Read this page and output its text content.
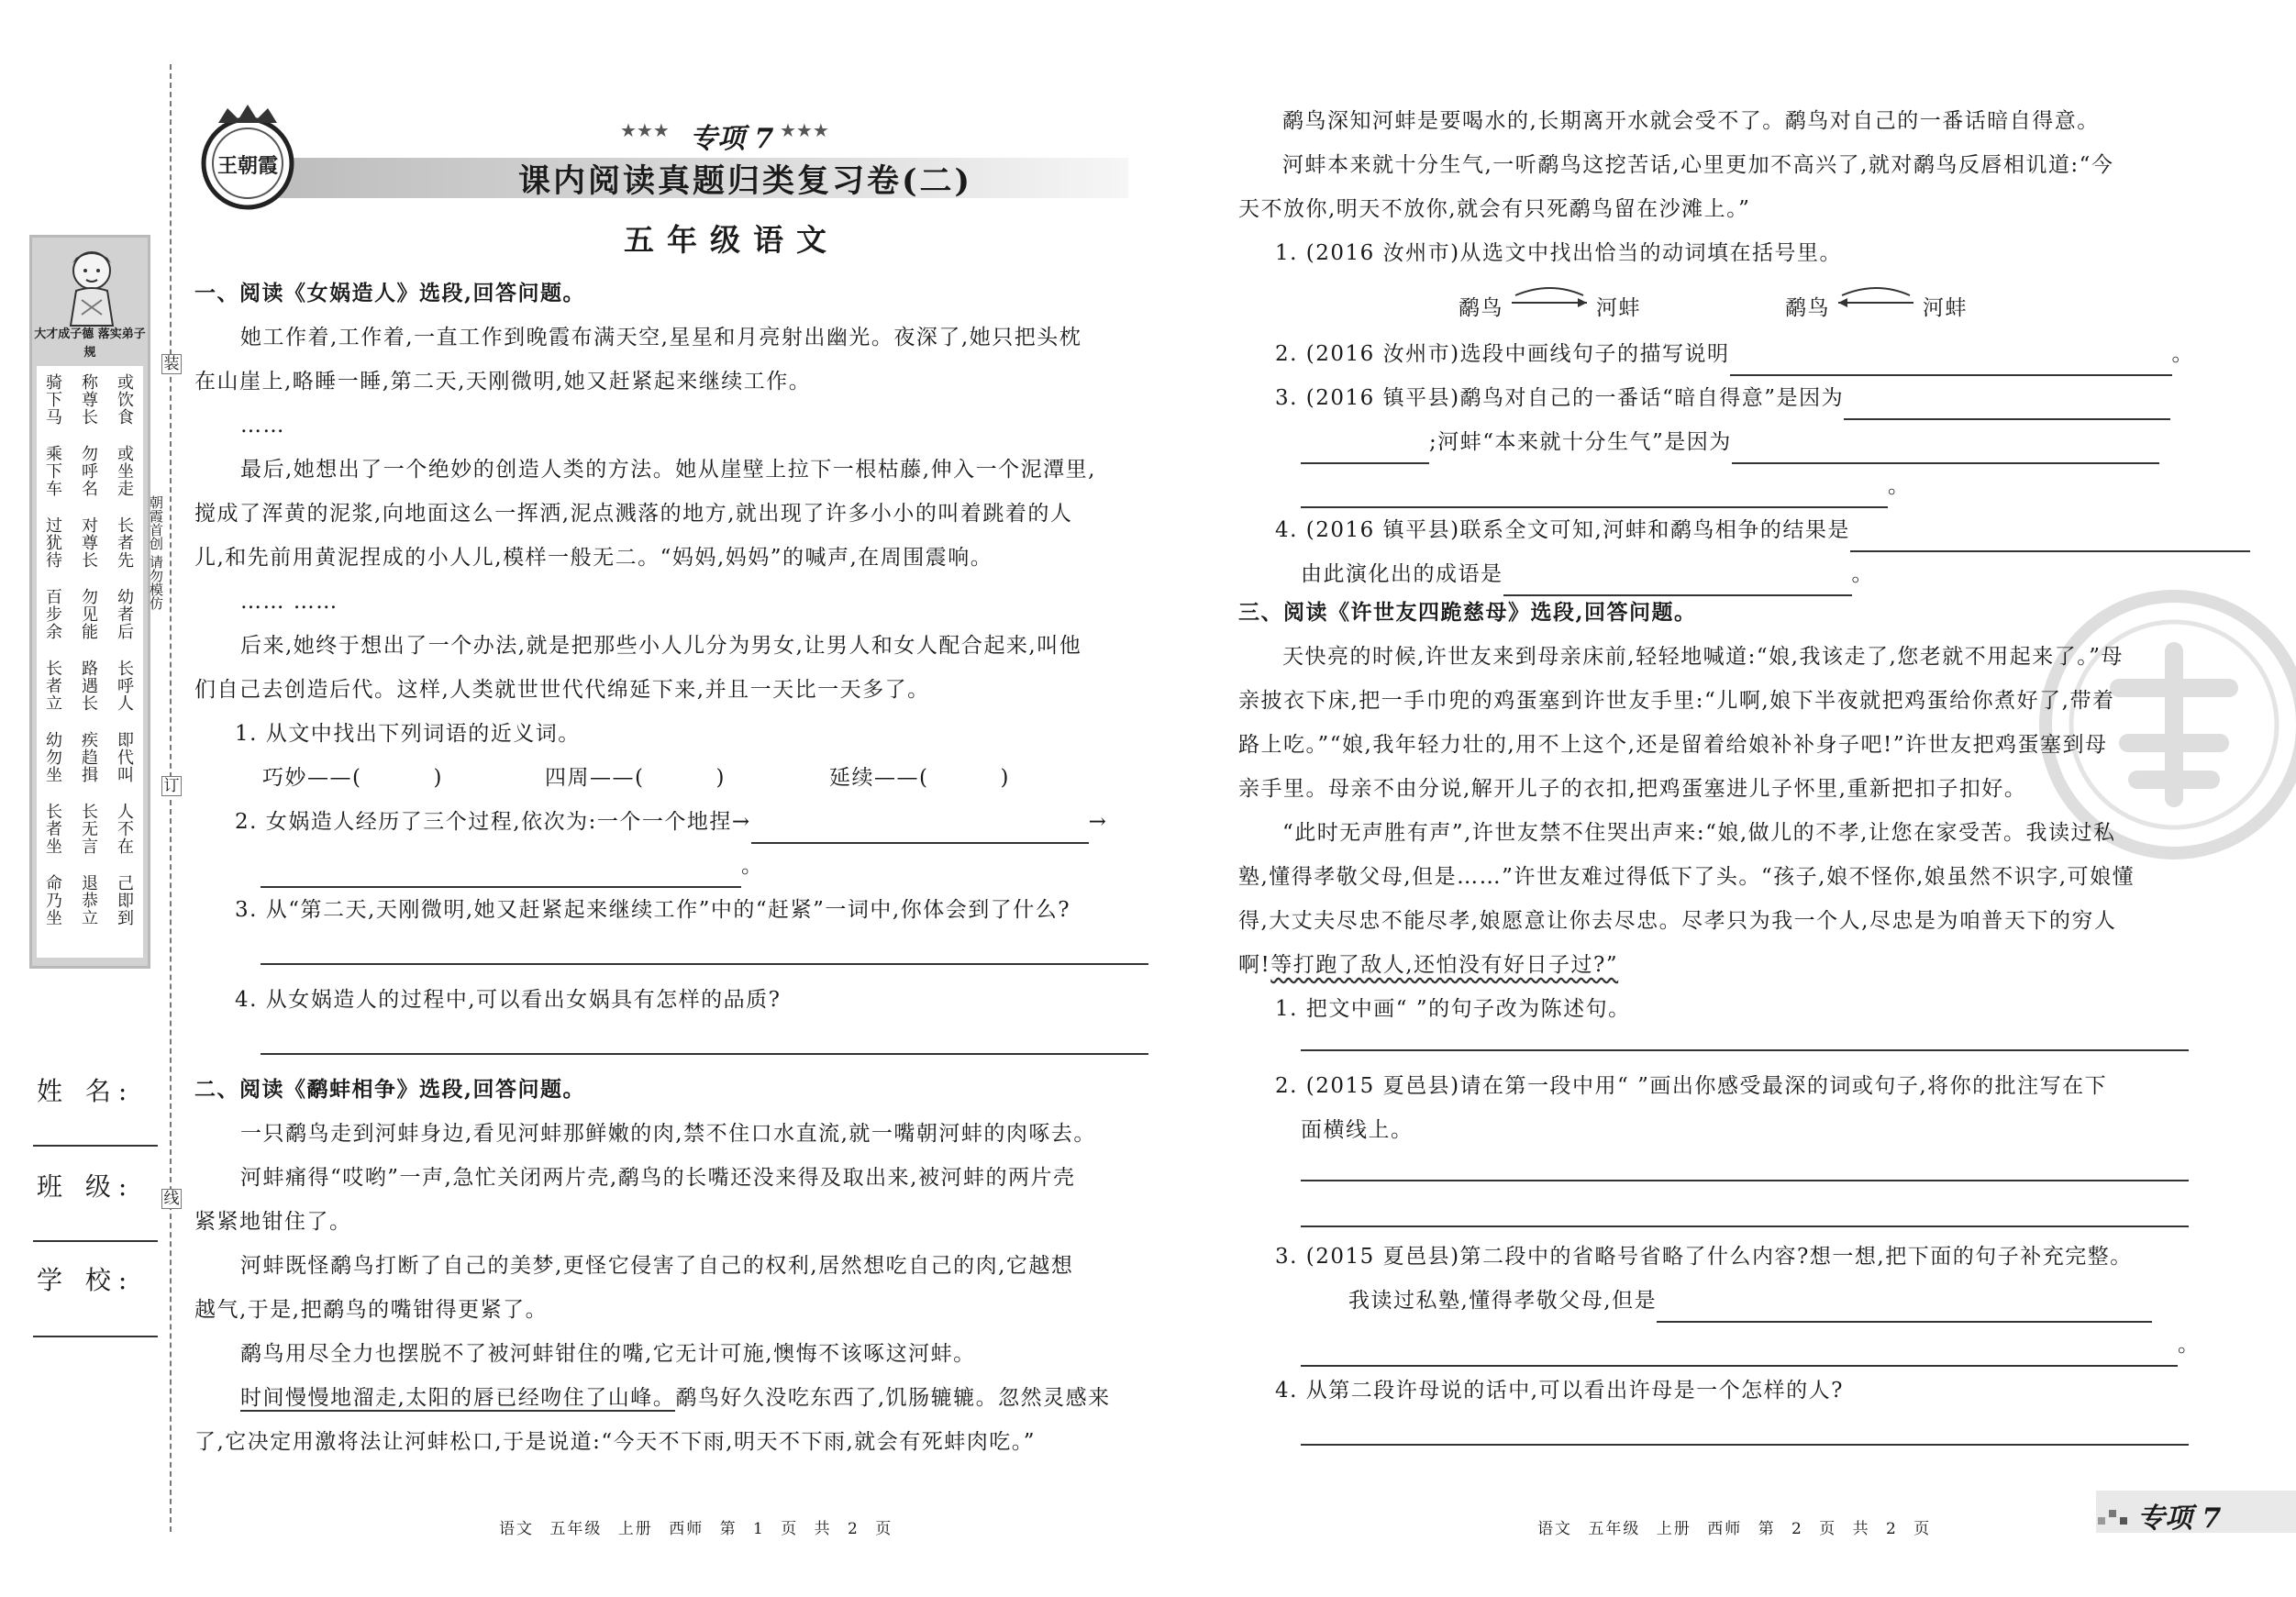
大才成子德 落实弟子规
骑下马 称尊长 或饮食
乘下车 勿呼名 或坐走
过犹待 对尊长 长者先
百步余 勿见能 幼者后
长者立 路遇长 长呼人
幼勿坐 疾趋揖 即代叫
长者坐 长无言 人不在
命乃坐 退恭立 己即到
姓 名:
班 级:
学 校:
装
订
线
朝霞首创 请勿模仿
王朝霞
★★★	★★★
专项 7
课内阅读真题归类复习卷(二)
五年级语文
一、阅读《女娲造人》选段,回答问题。
她工作着,工作着,一直工作到晚霞布满天空,星星和月亮射出幽光。夜深了,她只把头枕
在山崖上,略睡一睡,第二天,天刚微明,她又赶紧起来继续工作。
……
最后,她想出了一个绝妙的创造人类的方法。她从崖壁上拉下一根枯藤,伸入一个泥潭里,
搅成了浑黄的泥浆,向地面这么一挥洒,泥点溅落的地方,就出现了许多小小的叫着跳着的人
儿,和先前用黄泥捏成的小人儿,模样一般无二。“妈妈,妈妈”的喊声,在周围震响。
…… ……
后来,她终于想出了一个办法,就是把那些小人儿分为男女,让男人和女人配合起来,叫他
们自己去创造后代。这样,人类就世世代代绵延下来,并且一天比一天多了。
1. 从文中找出下列词语的近义词。
巧妙——(	)	四周——(	)	延续——(	)
2. 女娲造人经历了三个过程,依次为:一个一个地捏→	→
。
3. 从“第二天,天刚微明,她又赶紧起来继续工作”中的“赶紧”一词中,你体会到了什么?
4. 从女娲造人的过程中,可以看出女娲具有怎样的品质?
二、阅读《鹬蚌相争》选段,回答问题。
一只鹬鸟走到河蚌身边,看见河蚌那鲜嫩的肉,禁不住口水直流,就一嘴朝河蚌的肉啄去。
河蚌痛得“哎哟”一声,急忙关闭两片壳,鹬鸟的长嘴还没来得及取出来,被河蚌的两片壳
紧紧地钳住了。
河蚌既怪鹬鸟打断了自己的美梦,更怪它侵害了自己的权利,居然想吃自己的肉,它越想
越气,于是,把鹬鸟的嘴钳得更紧了。
鹬鸟用尽全力也摆脱不了被河蚌钳住的嘴,它无计可施,懊悔不该啄这河蚌。
时间慢慢地溜走,太阳的唇已经吻住了山峰。鹬鸟好久没吃东西了,饥肠辘辘。忽然灵感来
了,它决定用激将法让河蚌松口,于是说道:“今天不下雨,明天不下雨,就会有死蚌肉吃。”
语文 五年级 上册 西师 第 1 页 共 2 页
鹬鸟深知河蚌是要喝水的,长期离开水就会受不了。鹬鸟对自己的一番话暗自得意。
河蚌本来就十分生气,一听鹬鸟这挖苦话,心里更加不高兴了,就对鹬鸟反唇相讥道:“今
天不放你,明天不放你,就会有只死鹬鸟留在沙滩上。”
1. (2016 汝州市)从选文中找出恰当的动词填在括号里。
鹬鸟	河蚌	鹬鸟	河蚌
2. (2016 汝州市)选段中画线句子的描写说明	。
3. (2016 镇平县)鹬鸟对自己的一番话“暗自得意”是因为
;河蚌“本来就十分生气”是因为
。
4. (2016 镇平县)联系全文可知,河蚌和鹬鸟相争的结果是
由此演化出的成语是	。
三、阅读《许世友四跪慈母》选段,回答问题。
天快亮的时候,许世友来到母亲床前,轻轻地喊道:“娘,我该走了,您老就不用起来了。”母
亲披衣下床,把一手巾兜的鸡蛋塞到许世友手里:“儿啊,娘下半夜就把鸡蛋给你煮好了,带着
路上吃。”“娘,我年轻力壮的,用不上这个,还是留着给娘补补身子吧!”许世友把鸡蛋塞到母
亲手里。母亲不由分说,解开儿子的衣扣,把鸡蛋塞进儿子怀里,重新把扣子扣好。
“此时无声胜有声”,许世友禁不住哭出声来:“娘,做儿的不孝,让您在家受苦。我读过私
塾,懂得孝敬父母,但是……”许世友难过得低下了头。“孩子,娘不怪你,娘虽然不识字,可娘懂
得,大丈夫尽忠不能尽孝,娘愿意让你去尽忠。尽孝只为我一个人,尽忠是为咱普天下的穷人
啊!等打跑了敌人,还怕没有好日子过?”
1. 把文中画“ ”的句子改为陈述句。
2. (2015 夏邑县)请在第一段中用“ ”画出你感受最深的词或句子,将你的批注写在下
面横线上。
3. (2015 夏邑县)第二段中的省略号省略了什么内容?想一想,把下面的句子补充完整。
我读过私塾,懂得孝敬父母,但是
。
4. 从第二段许母说的话中,可以看出许母是一个怎样的人?
语文 五年级 上册 西师 第 2 页 共 2 页	专项 7
